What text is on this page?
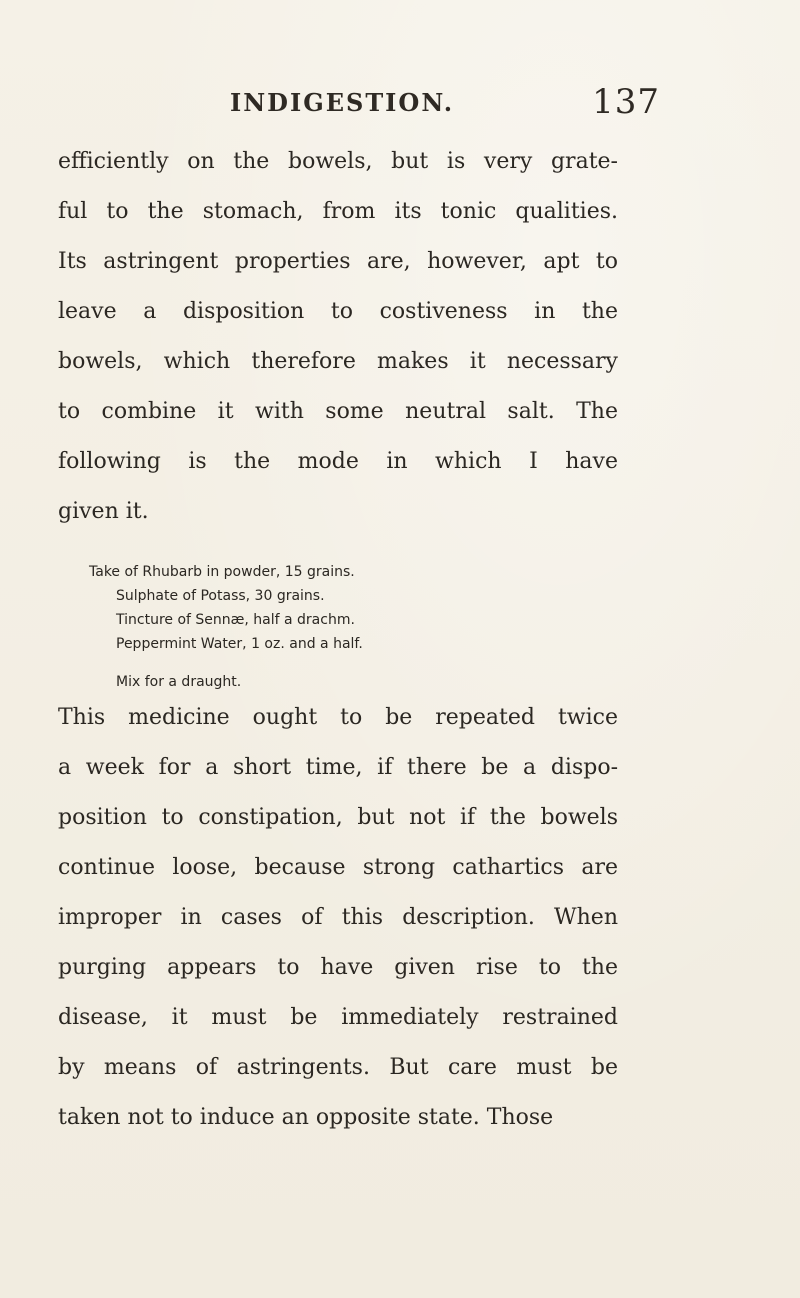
INDIGESTION.	137
efficiently on the bowels, but is very grate-
ful to the stomach, from its tonic qualities.
Its astringent properties are, however, apt to
leave a disposition to costiveness in the
bowels, which therefore makes it necessary
to combine it with some neutral salt. The
following is the mode in which I have
given it.
Take of Rhubarb in powder, 15 grains.
Sulphate of Potass, 30 grains.
Tincture of Sennæ, half a drachm.
Peppermint Water, 1 oz. and a half.
Mix for a draught.
This medicine ought to be repeated twice
a week for a short time, if there be a dispo-
position to constipation, but not if the bowels
continue loose, because strong cathartics are
improper in cases of this description. When
purging appears to have given rise to the
disease, it must be immediately restrained
by means of astringents. But care must be
taken not to induce an opposite state. Those
